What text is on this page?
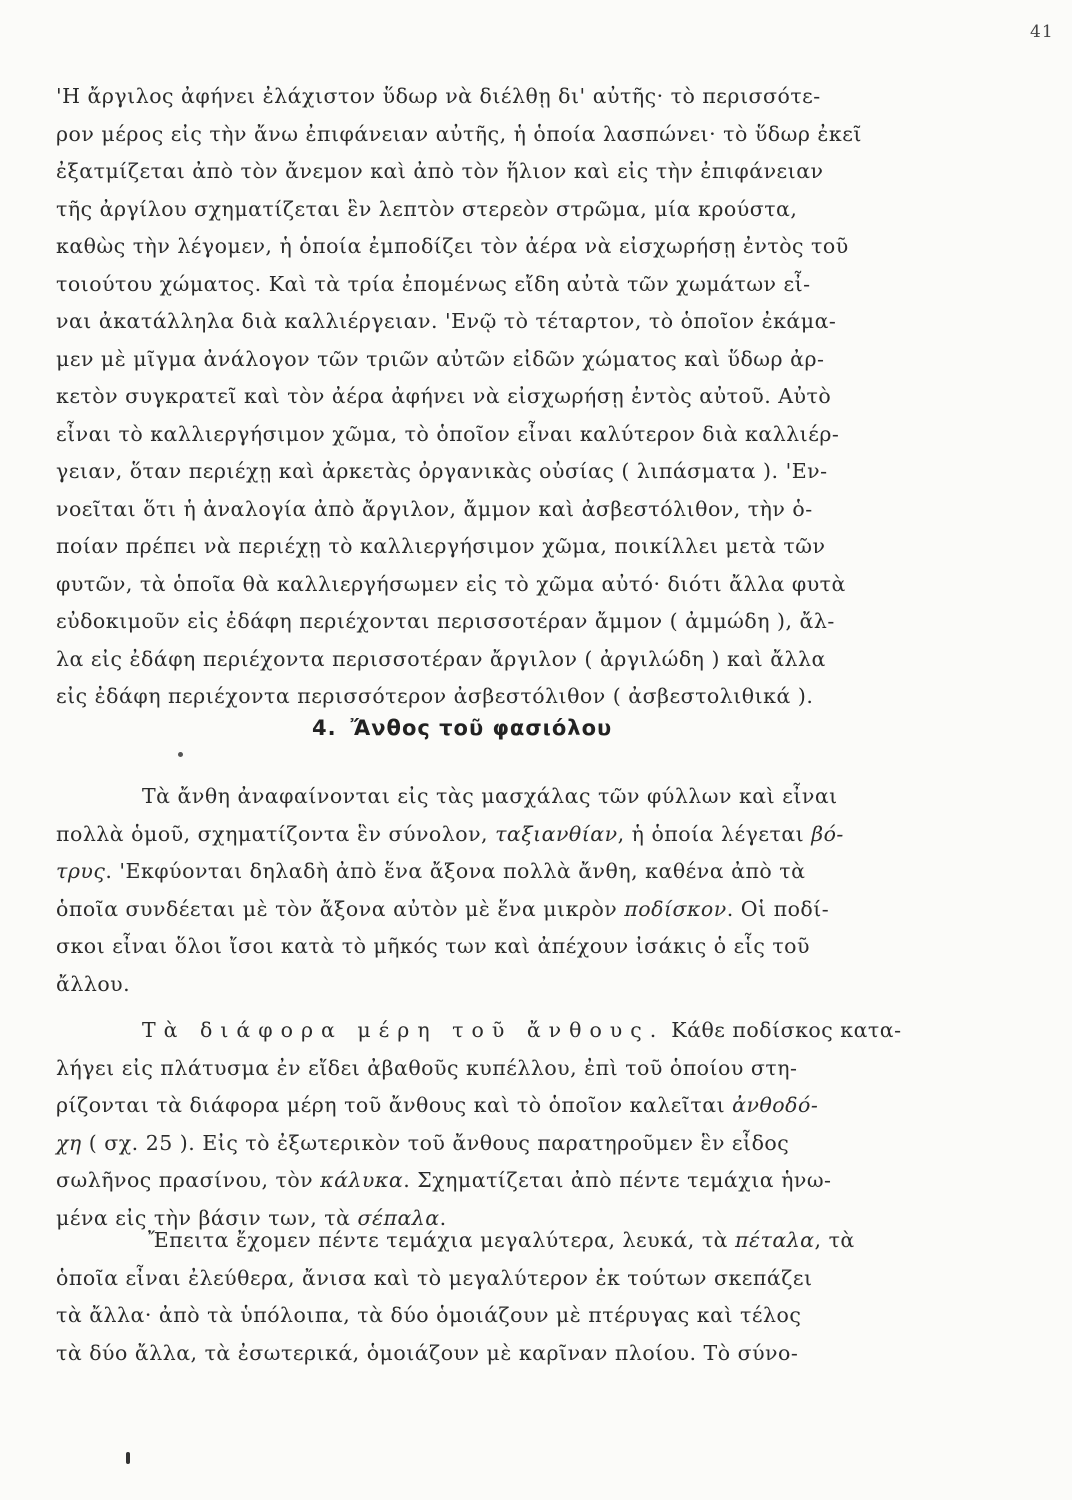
41
'Η ἄργιλος ἀφήνει ἐλάχιστον ὕδωρ νὰ διέλθῃ δι' αὐτῆς· τὸ περισσότε-
ρον μέρος εἰς τὴν ἄνω ἐπιφάνειαν αὐτῆς, ἡ ὁποία λασπώνει· τὸ ὕδωρ ἐκεῖ
ἐξατμίζεται ἀπὸ τὸν ἄνεμον καὶ ἀπὸ τὸν ἥλιον καὶ εἰς τὴν ἐπιφάνειαν
τῆς ἀργίλου σχηματίζεται ἓν λεπτὸν στερεὸν στρῶμα, μία κρούστα,
καθὼς τὴν λέγομεν, ἡ ὁποία ἐμποδίζει τὸν ἀέρα νὰ εἰσχωρήσῃ ἐντὸς τοῦ
τοιούτου χώματος. Καὶ τὰ τρία ἐπομένως εἴδη αὐτὰ τῶν χωμάτων εἶ-
ναι ἀκατάλληλα διὰ καλλιέργειαν. 'Ενῷ τὸ τέταρτον, τὸ ὁποῖον ἐκάμα-
μεν μὲ μῖγμα ἀνάλογον τῶν τριῶν αὐτῶν εἰδῶν χώματος καὶ ὕδωρ ἀρ-
κετὸν συγκρατεῖ καὶ τὸν ἀέρα ἀφήνει νὰ εἰσχωρήσῃ ἐντὸς αὐτοῦ. Αὐτὸ
εἶναι τὸ καλλιεργήσιμον χῶμα, τὸ ὁποῖον εἶναι καλύτερον διὰ καλλιέρ-
γειαν, ὅταν περιέχῃ καὶ ἀρκετὰς ὀργανικὰς οὐσίας ( λιπάσματα ). 'Εν-
νοεῖται ὅτι ἡ ἀναλογία ἀπὸ ἄργιλον, ἄμμον καὶ ἀσβεστόλιθον, τὴν ὁ-
ποίαν πρέπει νὰ περιέχῃ τὸ καλλιεργήσιμον χῶμα, ποικίλλει μετὰ τῶν
φυτῶν, τὰ ὁποῖα θὰ καλλιεργήσωμεν εἰς τὸ χῶμα αὐτό· διότι ἄλλα φυτὰ
εὐδοκιμοῦν εἰς ἐδάφη περιέχονται περισσοτέραν ἄμμον ( ἀμμώδη ), ἄλ-
λα εἰς ἐδάφη περιέχοντα περισσοτέραν ἄργιλον ( ἀργιλώδη ) καὶ ἄλλα
εἰς ἐδάφη περιέχοντα περισσότερον ἀσβεστόλιθον ( ἀσβεστολιθικά ).
4. Ἄνθος τοῦ φασιόλου
Τὰ ἄνθη ἀναφαίνονται εἰς τὰς μασχάλας τῶν φύλλων καὶ εἶναι
πολλὰ ὁμοῦ, σχηματίζοντα ἓν σύνολον, ταξιανθίαν, ἡ ὁποία λέγεται βό-
τρυς. 'Εκφύονται δηλαδὴ ἀπὸ ἕνα ἄξονα πολλὰ ἄνθη, καθένα ἀπὸ τὰ
ὁποῖα συνδέεται μὲ τὸν ἄξονα αὐτὸν μὲ ἕνα μικρὸν ποδίσκον. Οἱ ποδί-
σκοι εἶναι ὅλοι ἴσοι κατὰ τὸ μῆκός των καὶ ἀπέχουν ἰσάκις ὁ εἷς τοῦ
ἄλλου.
Τὰ διάφορα μέρη τοῦ ἄνθους. Κάθε ποδίσκος κατα-
λήγει εἰς πλάτυσμα ἐν εἴδει ἀβαθοῦς κυπέλλου, ἐπὶ τοῦ ὁποίου στη-
ρίζονται τὰ διάφορα μέρη τοῦ ἄνθους καὶ τὸ ὁποῖον καλεῖται ἀνθοδό-
χη ( σχ. 25 ). Εἰς τὸ ἐξωτερικὸν τοῦ ἄνθους παρατηροῦμεν ἓν εἶδος
σωλῆνος πρασίνου, τὸν κάλυκα. Σχηματίζεται ἀπὸ πέντε τεμάχια ἡνω-
μένα εἰς τὴν βάσιν των, τὰ σέπαλα.
Ἔπειτα ἔχομεν πέντε τεμάχια μεγαλύτερα, λευκά, τὰ πέταλα, τὰ
ὁποῖα εἶναι ἐλεύθερα, ἄνισα καὶ τὸ μεγαλύτερον ἐκ τούτων σκεπάζει
τὰ ἄλλα· ἀπὸ τὰ ὑπόλοιπα, τὰ δύο ὁμοιάζουν μὲ πτέρυγας καὶ τέλος
τὰ δύο ἄλλα, τὰ ἐσωτερικά, ὁμοιάζουν μὲ καρῖναν πλοίου. Τὸ σύνο-
